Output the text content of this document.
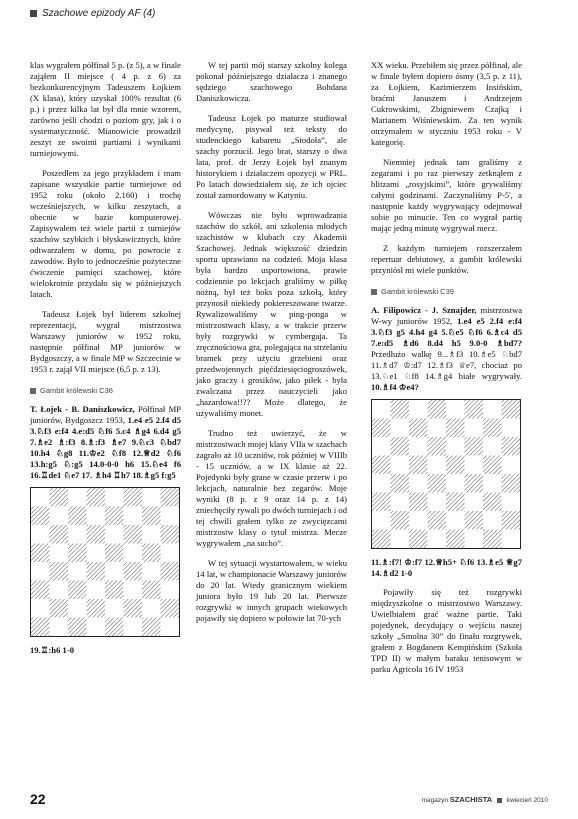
Szachowe epizody AF (4)

klas wygrałem półfinał 5 p. (z 5), a w finale zająłem II miejsce ( 4 p. z 6) za bezkonkurencyjnym Tadeuszem Łojkiem (X klasa), który uzyskał 100% rezultat (6 p.) i przez kilka lat był dla mnie wzorem, zarówno jeśli chodzi o poziom gry, jak i o systematyczność. Mianowicie prowadził zeszyt ze swoimi partiami i wynikami turniejowymi.

Poszedłem za jego przykładem i mam zapisane wszystkie partie turniejowe od 1952 roku (około 2.160) i trochę wcześniejszych, w kilku zeszytach, a obecnie w bazie komputerowej. Zapisywałem też wiele partii z turniejów szachów szybkich i błyskawicznych, które odtwarzałem w domu, po powrocie z zawodów. Było to jednocześnie pożyteczne ćwiczenie pamięci szachowej, które wielokrotnie przydało się w późniejszych latach.

Tadeusz Łojek był liderem szkolnej reprezentacji, wygrał mistrzostwa Warszawy juniorów w 1952 roku, następnie półfinał MP juniorów w Bydgoszczy, a w finale MP w Szczecinie w 1953 r. zajął VII miejsce (6,5 p. z 13).

Gambit królewski C36
T. Łojek - B. Daniszkowicz, Półfinał MP juniorów, Bydgoszcz 1953, 1.e4 e5 2.f4 d5 3.♘f3 e:f4 4.e:d5 ♘f6 5.c4 ♗g4 6.d4 g5 7.♗e2 ♗:f3 8.♗:f3 ♗e7 9.♘c3 ♘bd7 10.h4 ♘g8 11.♔e2 ♘f8 12.♕d2 ♘f6 13.h:g5 ♘:g5 14.0-0-0 h6 15.♘e4 f6 16.♖de1 ♘e7 17. ♗h4 ♖h7 18.♗g5 f:g5
19.♖:h6 1-0

W tej partii mój starszy szkolny kolega pokonał późniejszego działacza i znanego sędziego szachowego Bohdana Daniszkowicza.

Tadeusz Łojek po maturze studiował medycynę, pisywał też teksty do studenckiego kabaretu „Stodoła”, ale szachy porzucił. Jego brat, starszy o dwa lata, prof. dr Jerzy Łojek był znanym historykiem i działaczem opozycji w PRL. Po latach dowiedziałem się, że ich ojciec został zamordowany w Katyniu.

Wówczas nie było wprowadzania szachów do szkół, ani szkolenia młodych szachistów w klubach czy Akademii Szachowej. Jednak większość dziedzin sportu uprawiano na codzień. Moja klasa była bardzo usportowiona, prawie codziennie po lekcjach graliśmy w piłkę nożną, był też boks poza szkołą, który przynosił niekiedy pokiereszowane twarze. Rywalizowaliśmy w ping-ponga w mistrzostwach klasy, a w trakcie przerw były rozgrywki w cymbergaja. Ta zręcznościowa gra, polegająca na strzelaniu bramek przy użyciu grzebieni oraz przedwojennych pięćdziesięciogroszówek, jako graczy i grosików, jako piłek - była zwalczana przez nauczycieli jako „hazardowa!!?? Może dlatego, że używaliśmy monet.

Trudno też uwierzyć, że w mistrzostwach mojej klasy VIIa w szachach zagrało aż 10 uczniów, rok później w VIIIb - 15 uczniów, a w IX klasie aż 22. Pojedynki były grane w czasie przerw i po lekcjach, naturalnie bez zegarów. Moje wyniki (8 p. z 9 oraz 14 p. z 14) zniechęciły rywali po dwóch turniejach i od tej chwili grałem tylko ze zwycięzcami mistrzostw klasy o tytuł mistrza. Mecze wygrywałem „na sucho”.

W tej sytuacji wystartowałem, w wieku 14 lat, w championacie Warszawy juniorów do 20 lat. Wtedy granicznym wiekiem juniora było 19 lub 20 lat. Pierwsze rozgrywki w innych grupach wiekowych pojawiły się dopiero w połowie lat 70-ych

XX wieku. Przebiłem się przez półfinał, ale w finale byłem dopiero ósmy (3,5 p. z 11), za Łojkiem, Kazimierzem Insińskim, braćmi Januszem i Andrzejem Cukrowskimi, Zbigniewem Czajką i Marianem Wiśniewskim. Za ten wynik otrzymałem w styczniu 1953 roku - V kategorię.

Niemniej jednak tam graliśmy z zegarami i po raz pierwszy zetknąłem z blitzami „rosyjskimi”, które grywaliśmy całymi godzinami. Zaczynaliśmy P-5', a następnie każdy wygrywający odejmował sobie po minucie. Ten co wygrał partię mając jedną minutę wygrywał mecz.

Z każdym turniejem rozszerzałem repertuar debiutowy, a gambit królewski przyniósł mi wiele punktów.

Gambit królewski C39
A. Filipowicz - J. Sznajder, mistrzostwa W-wy juniorów 1952, 1.e4 e5 2.f4 e:f4 3.♘f3 g5 4.h4 g4 5.♘e5 ♘f6 6.♗c4 d5 7.e:d5 ♗d6 8.d4 h5 9.0-0 ♗bd7? Przedłużo walkę 9...♗f3 10.♗e5 ♘bd7 11.♗d7 ♔:d7 12.♗f3 ♕e7, chociaż po 13.♘e1 ♘f8 14.♗g4 białe wygrywały. 10.♗f4 ♔e4?
11.♗:f7! ♔:f7 12.♕h5+ ♘f6 13.♗e5 ♕g7 14.♗d2 1-0

Pojawiły się też rozgrywki międzyszkolne o mistrzostwo Warszawy. Uwielbiałem grać ważne partie. Taki pojedynek, decydujący o wejściu naszej szkoły „Smolna 30” do finału rozgrywek, grałem z Bogdanem Kempińskim (Szkoła TPD II) w małym baraku tenisowym w parku Agricola 16 IV 1953

22	magazyn SZACHISTA kwiecień 2010
